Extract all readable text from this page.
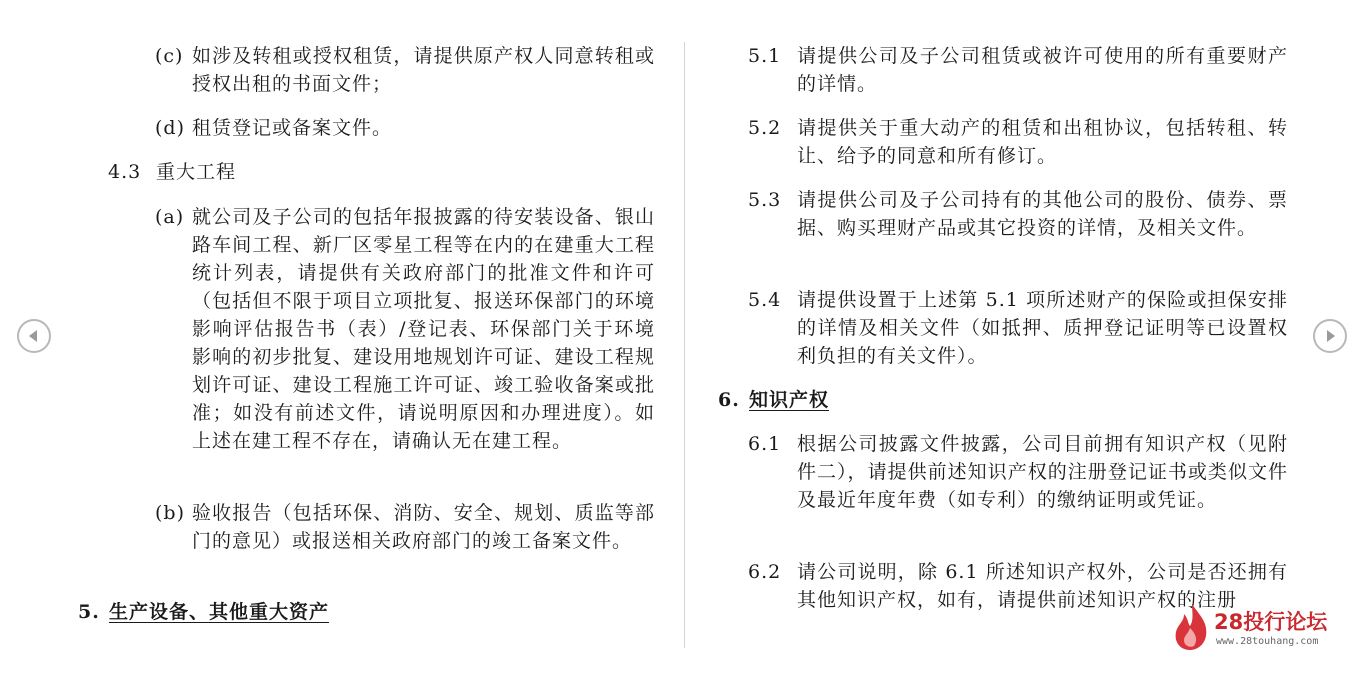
(c) 如涉及转租或授权租赁，请提供原产权人同意转租或授权出租的书面文件；
(d) 租赁登记或备案文件。
4.3 重大工程
(a) 就公司及子公司的包括年报披露的待安装设备、银山路车间工程、新厂区零星工程等在内的在建重大工程统计列表，请提供有关政府部门的批准文件和许可（包括但不限于项目立项批复、报送环保部门的环境影响评估报告书（表）/登记表、环保部门关于环境影响的初步批复、建设用地规划许可证、建设工程规划许可证、建设工程施工许可证、竣工验收备案或批准；如没有前述文件，请说明原因和办理进度）。如上述在建工程不存在，请确认无在建工程。
(b) 验收报告（包括环保、消防、安全、规划、质监等部门的意见）或报送相关政府部门的竣工备案文件。
5. 生产设备、其他重大资产
5.1 请提供公司及子公司租赁或被许可使用的所有重要财产的详情。
5.2 请提供关于重大动产的租赁和出租协议，包括转租、转让、给予的同意和所有修订。
5.3 请提供公司及子公司持有的其他公司的股份、债券、票据、购买理财产品或其它投资的详情，及相关文件。
5.4 请提供设置于上述第 5.1 项所述财产的保险或担保安排的详情及相关文件（如抵押、质押登记证明等已设置权利负担的有关文件）。
6. 知识产权
6.1 根据公司披露文件披露，公司目前拥有知识产权（见附件二），请提供前述知识产权的注册登记证书或类似文件及最近年度年费（如专利）的缴纳证明或凭证。
6.2 请公司说明，除 6.1 所述知识产权外，公司是否还拥有其他知识产权，如有，请提供前述知识产权的注册
28投行论坛
www.28touhang.com
